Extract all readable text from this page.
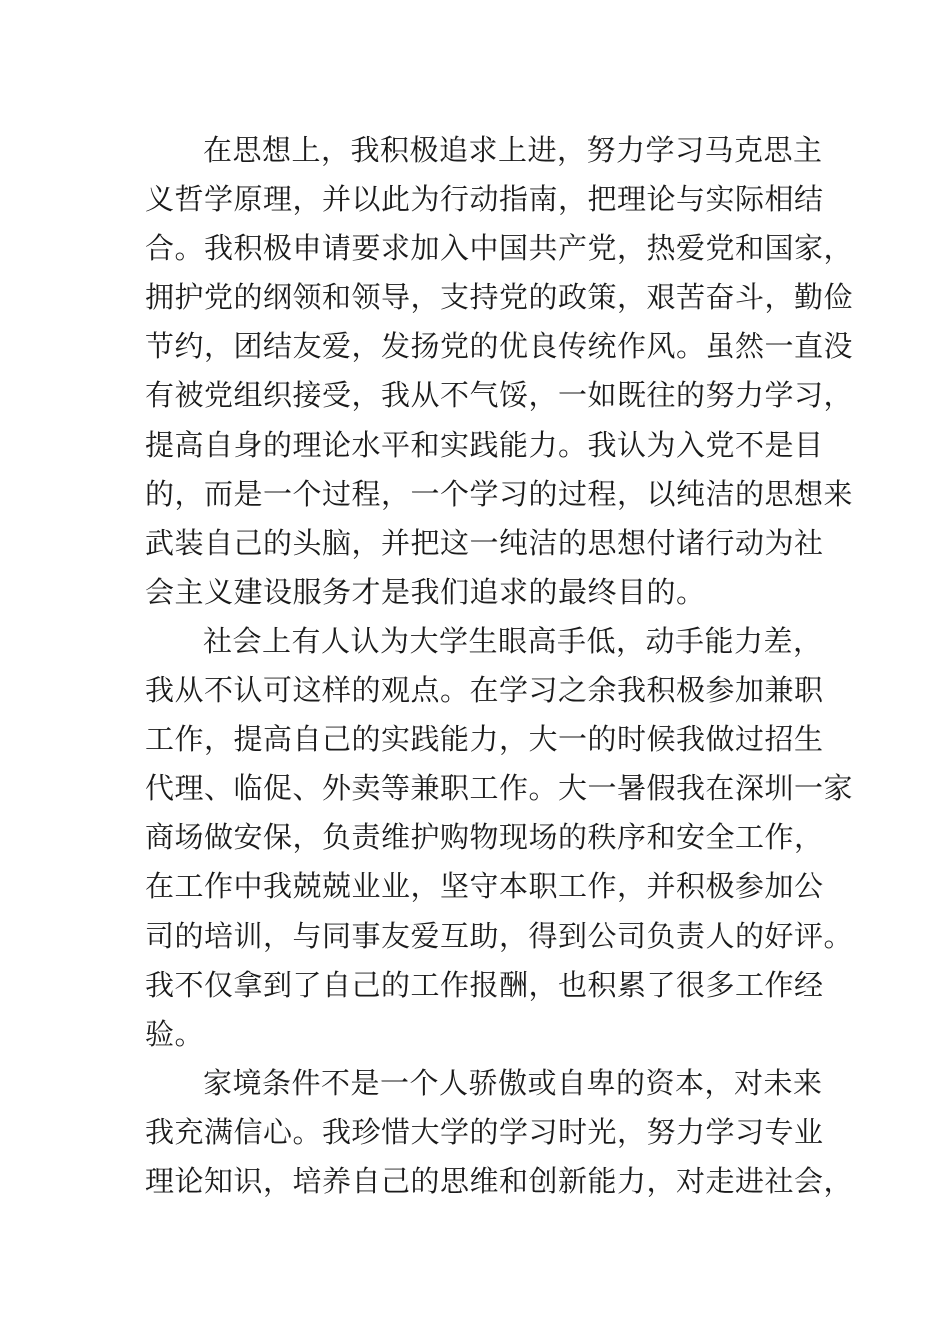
在思想上，我积极追求上进，努力学习马克思主
义哲学原理，并以此为行动指南，把理论与实际相结
合。我积极申请要求加入中国共产党，热爱党和国家，
拥护党的纲领和领导，支持党的政策，艰苦奋斗，勤俭
节约，团结友爱，发扬党的优良传统作风。虽然一直没
有被党组织接受，我从不气馁，一如既往的努力学习，
提高自身的理论水平和实践能力。我认为入党不是目
的，而是一个过程，一个学习的过程，以纯洁的思想来
武装自己的头脑，并把这一纯洁的思想付诸行动为社
会主义建设服务才是我们追求的最终目的。
社会上有人认为大学生眼高手低，动手能力差，
我从不认可这样的观点。在学习之余我积极参加兼职
工作，提高自己的实践能力，大一的时候我做过招生
代理、临促、外卖等兼职工作。大一暑假我在深圳一家
商场做安保，负责维护购物现场的秩序和安全工作，
在工作中我兢兢业业，坚守本职工作，并积极参加公
司的培训，与同事友爱互助，得到公司负责人的好评。
我不仅拿到了自己的工作报酬，也积累了很多工作经
验。
家境条件不是一个人骄傲或自卑的资本，对未来
我充满信心。我珍惜大学的学习时光，努力学习专业
理论知识，培养自己的思维和创新能力，对走进社会，
